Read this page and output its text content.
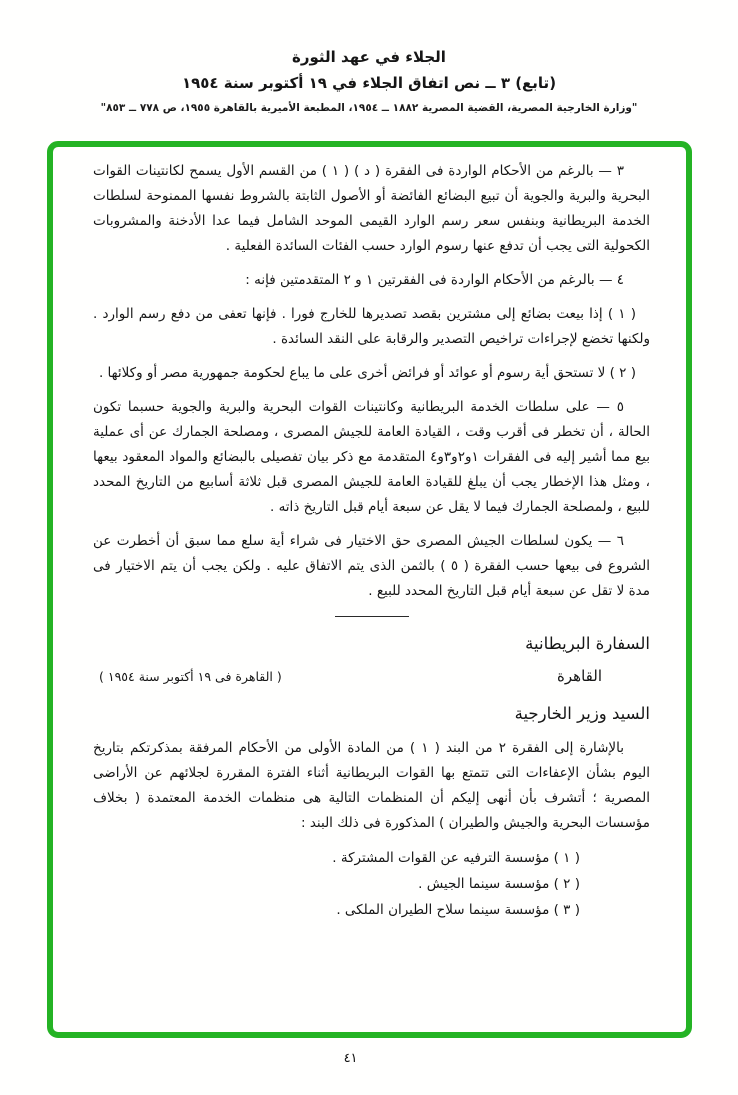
الجلاء في عهد الثورة
(تابع) ٣ ــ نص اتفاق الجلاء في ١٩ أكتوبر سنة ١٩٥٤
"وزارة الخارجية المصرية، القضية المصرية ١٨٨٢ ــ ١٩٥٤، المطبعة الأميرية بالقاهرة ١٩٥٥، ص ٧٧٨ ــ ٨٥٣"

٣ — بالرغم من الأحكام الواردة فى الفقرة ( د ) ( ١ ) من القسم الأول يسمح لكانتينات القوات البحرية والبرية والجوية أن تبيع البضائع الفائضة أو الأصول الثابتة بالشروط نفسها الممنوحة لسلطات الخدمة البريطانية وبنفس سعر رسم الوارد القيمى الموحد الشامل فيما عدا الأدخنة والمشروبات الكحولية التى يجب أن تدفع عنها رسوم الوارد حسب الفئات السائدة الفعلية .

٤ — بالرغم من الأحكام الواردة فى الفقرتين ١ و ٢ المتقدمتين فإنه :

( ١ ) إذا بيعت بضائع إلى مشترين بقصد تصديرها للخارج فورا . فإنها تعفى من دفع رسم الوارد . ولكنها تخضع لإجراءات تراخيص التصدير والرقابة على النقد السائدة .

( ٢ ) لا تستحق أية رسوم أو عوائد أو فرائض أخرى على ما يباع لحكومة جمهورية مصر أو وكلائها .

٥ — على سلطات الخدمة البريطانية وكانتينات القوات البحرية والبرية والجوية حسبما تكون الحالة ، أن تخطر فى أقرب وقت ، القيادة العامة للجيش المصرى ، ومصلحة الجمارك عن أى عملية بيع مما أشير إليه فى الفقرات ١و٢و٣و٤ المتقدمة مع ذكر بيان تفصيلى بالبضائع والمواد المعقود بيعها ، ومثل هذا الإخطار يجب أن يبلغ للقيادة العامة للجيش المصرى قبل ثلاثة أسابيع من التاريخ المحدد للبيع ، ولمصلحة الجمارك فيما لا يقل عن سبعة أيام قبل التاريخ ذاته .

٦ — يكون لسلطات الجيش المصرى حق الاختيار فى شراء أية سلع مما سبق أن أخطرت عن الشروع فى بيعها حسب الفقرة ( ٥ ) بالثمن الذى يتم الاتفاق عليه . ولكن يجب أن يتم الاختيار فى مدة لا تقل عن سبعة أيام قبل التاريخ المحدد للبيع .

السفارة البريطانية
القاهرة
( القاهرة فى ١٩ أكتوبر سنة ١٩٥٤ )
السيد وزير الخارجية

بالإشارة إلى الفقرة ٢ من البند ( ١ ) من المادة الأولى من الأحكام المرفقة بمذكرتكم بتاريخ اليوم بشأن الإعفاءات التى تتمتع بها القوات البريطانية أثناء الفترة المقررة لجلائهم عن الأراضى المصرية ؛ أتشرف بأن أنهى إليكم أن المنظمات التالية هى منظمات الخدمة المعتمدة ( بخلاف مؤسسات البحرية والجيش والطيران ) المذكورة فى ذلك البند :

( ١ ) مؤسسة الترفيه عن القوات المشتركة .
( ٢ ) مؤسسة سينما الجيش .
( ٣ ) مؤسسة سينما سلاح الطيران الملكى .
٤١
